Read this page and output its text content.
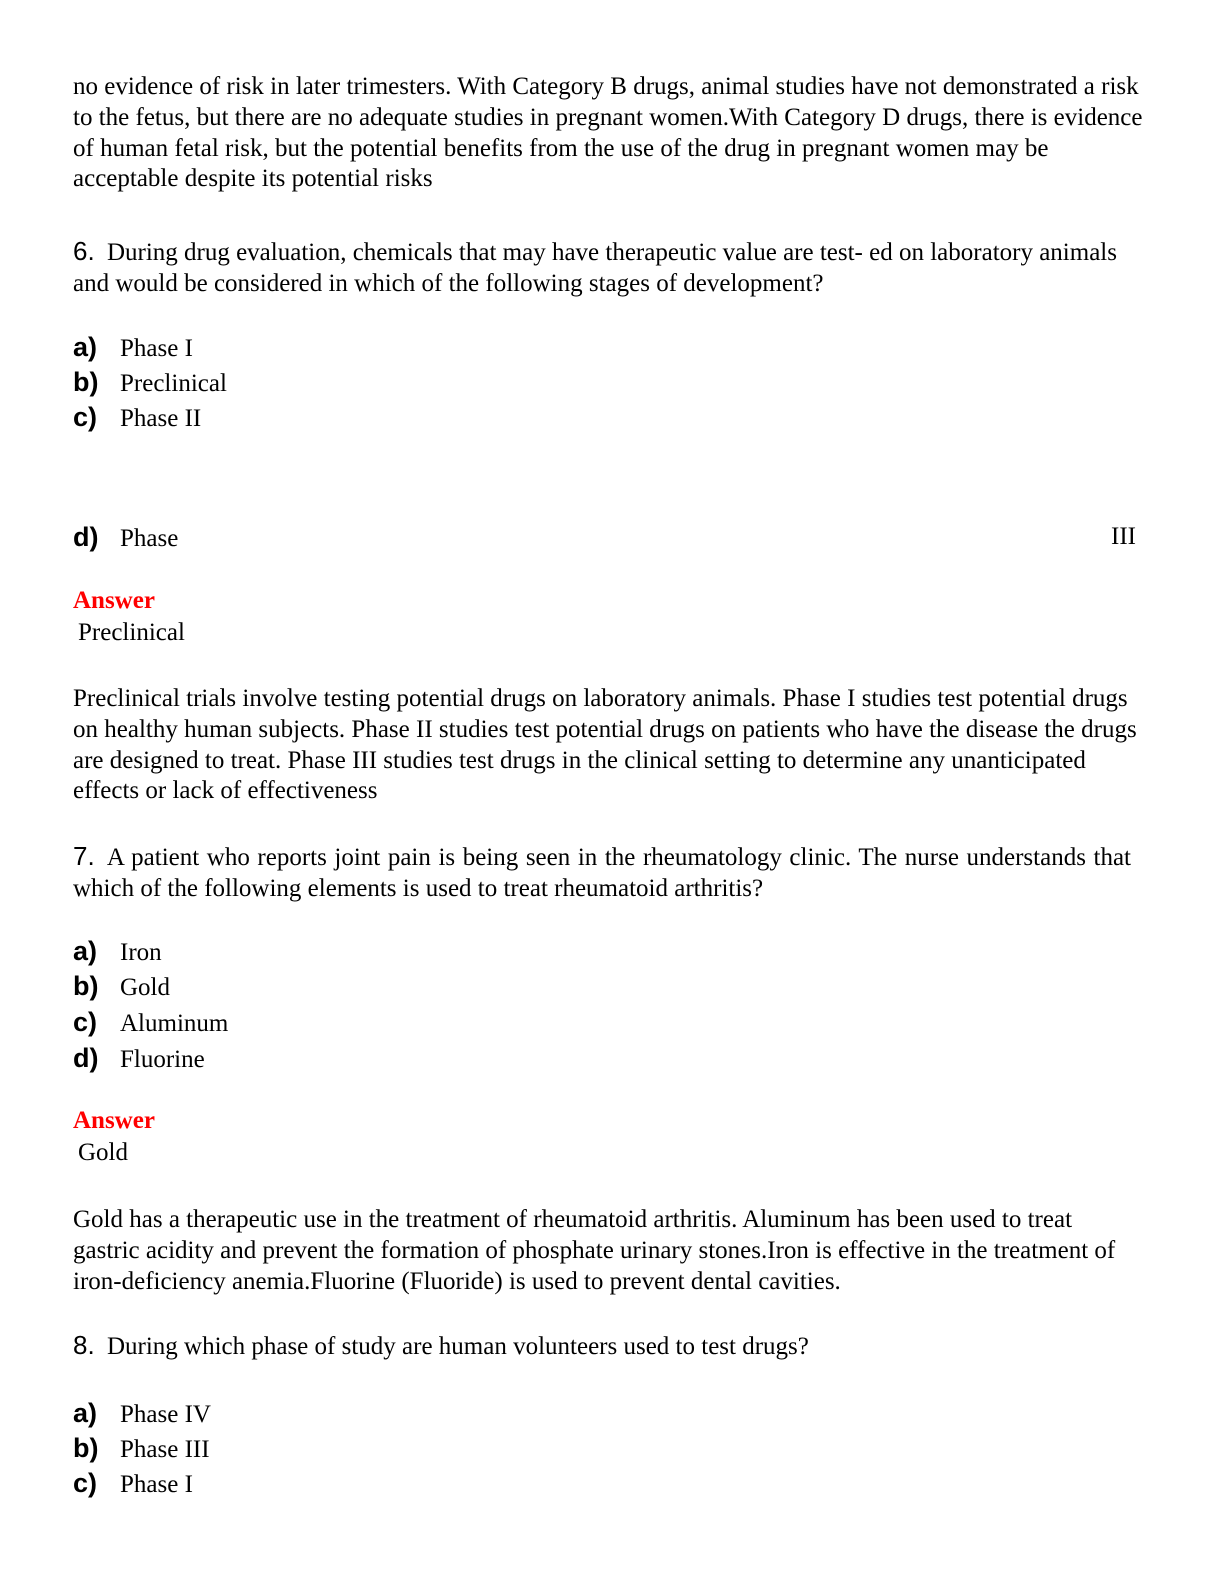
no evidence of risk in later trimesters. With Category B drugs, animal studies have not demonstrated a risk to the fetus, but there are no adequate studies in pregnant women.With Category D drugs, there is evidence of human fetal risk, but the potential benefits from the use of the drug in pregnant women may be acceptable despite its potential risks

6. During drug evaluation, chemicals that may have therapeutic value are test- ed on laboratory animals and would be considered in which of the following stages of development?

a) Phase I
b) Preclinical
c) Phase II
d) Phase	III
Answer
Preclinical

Preclinical trials involve testing potential drugs on laboratory animals. Phase I studies test potential drugs on healthy human subjects. Phase II studies test potential drugs on patients who have the disease the drugs are designed to treat. Phase III studies test drugs in the clinical setting to determine any unanticipated effects or lack of effectiveness

7. A patient who reports joint pain is being seen in the rheumatology clinic. The nurse understands that which of the following elements is used to treat rheumatoid arthritis?

a) Iron
b) Gold
c) Aluminum
d) Fluorine
Answer
Gold

Gold has a therapeutic use in the treatment of rheumatoid arthritis. Aluminum has been used to treat gastric acidity and prevent the formation of phosphate urinary stones.Iron is effective in the treatment of iron-deficiency anemia.Fluorine (Fluoride) is used to prevent dental cavities.

8. During which phase of study are human volunteers used to test drugs?

a) Phase IV
b) Phase III
c) Phase I
